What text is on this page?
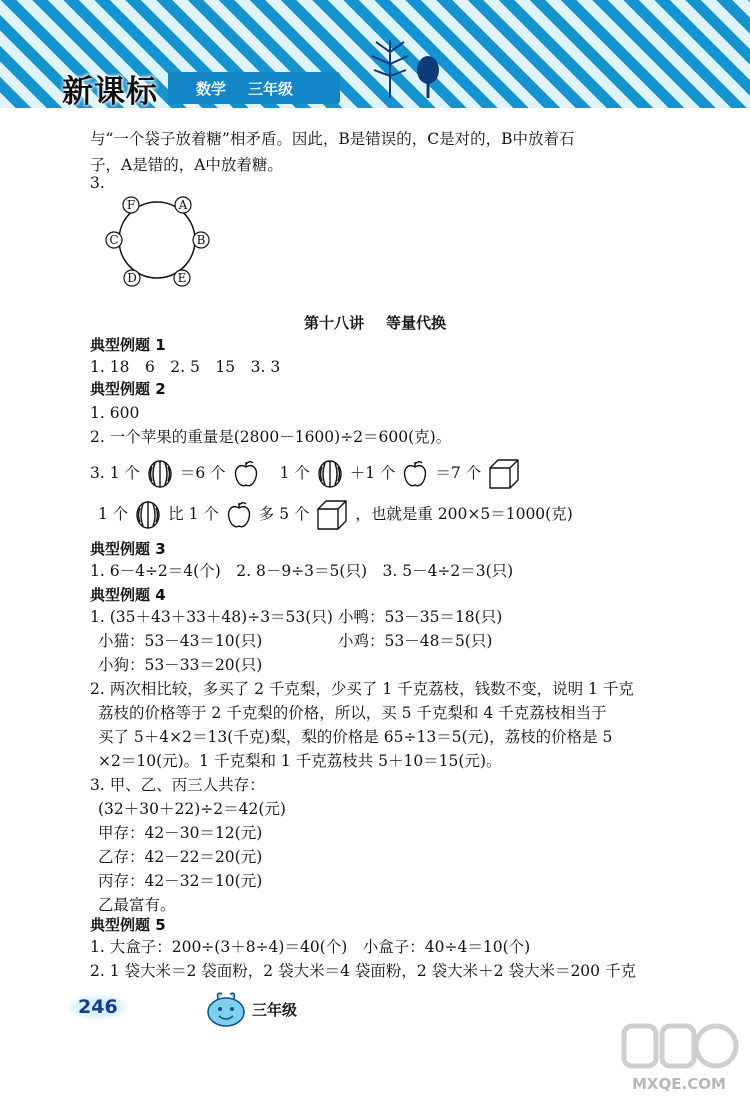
新课标	数学 三年级
与“一个袋子放着糖”相矛盾。因此，B是错误的，C是对的，B中放着石
子，A是错的，A中放着糖。
3.
F	A
B
E
D
C
第十八讲 等量代换
典型例题 1
1. 18　6　2. 5　15　3. 3
典型例题 2
1. 600
2. 一个苹果的重量是(2800－1600)÷2＝600(克)。
3. 1 个	＝6 个	1 个	＋1 个	＝7 个
1 个	比 1 个	多 5 个	，也就是重 200×5＝1000(克)
典型例题 3
1. 6－4÷2＝4(个)　2. 8－9÷3＝5(只)　3. 5－4÷2＝3(只)
典型例题 4
1. (35＋43＋33＋48)÷3＝53(只) 小鸭：53－35＝18(只)
小猫：53－43＝10(只)	小鸡：53－48＝5(只)
小狗：53－33＝20(只)
2. 两次相比较，多买了 2 千克梨，少买了 1 千克荔枝，钱数不变，说明 1 千克
荔枝的价格等于 2 千克梨的价格，所以，买 5 千克梨和 4 千克荔枝相当于
买了 5＋4×2＝13(千克)梨，梨的价格是 65÷13＝5(元)，荔枝的价格是 5
×2＝10(元)。1 千克梨和 1 千克荔枝共 5＋10＝15(元)。
3. 甲、乙、丙三人共存：
(32＋30＋22)÷2＝42(元)
甲存：42－30＝12(元)
乙存：42－22＝20(元)
丙存：42－32＝10(元)
乙最富有。
典型例题 5
1. 大盒子：200÷(3＋8÷4)＝40(个)　小盒子：40÷4＝10(个)
2. 1 袋大米＝2 袋面粉，2 袋大米＝4 袋面粉，2 袋大米＋2 袋大米＝200 千克
246	三年级
MXQE.COM
